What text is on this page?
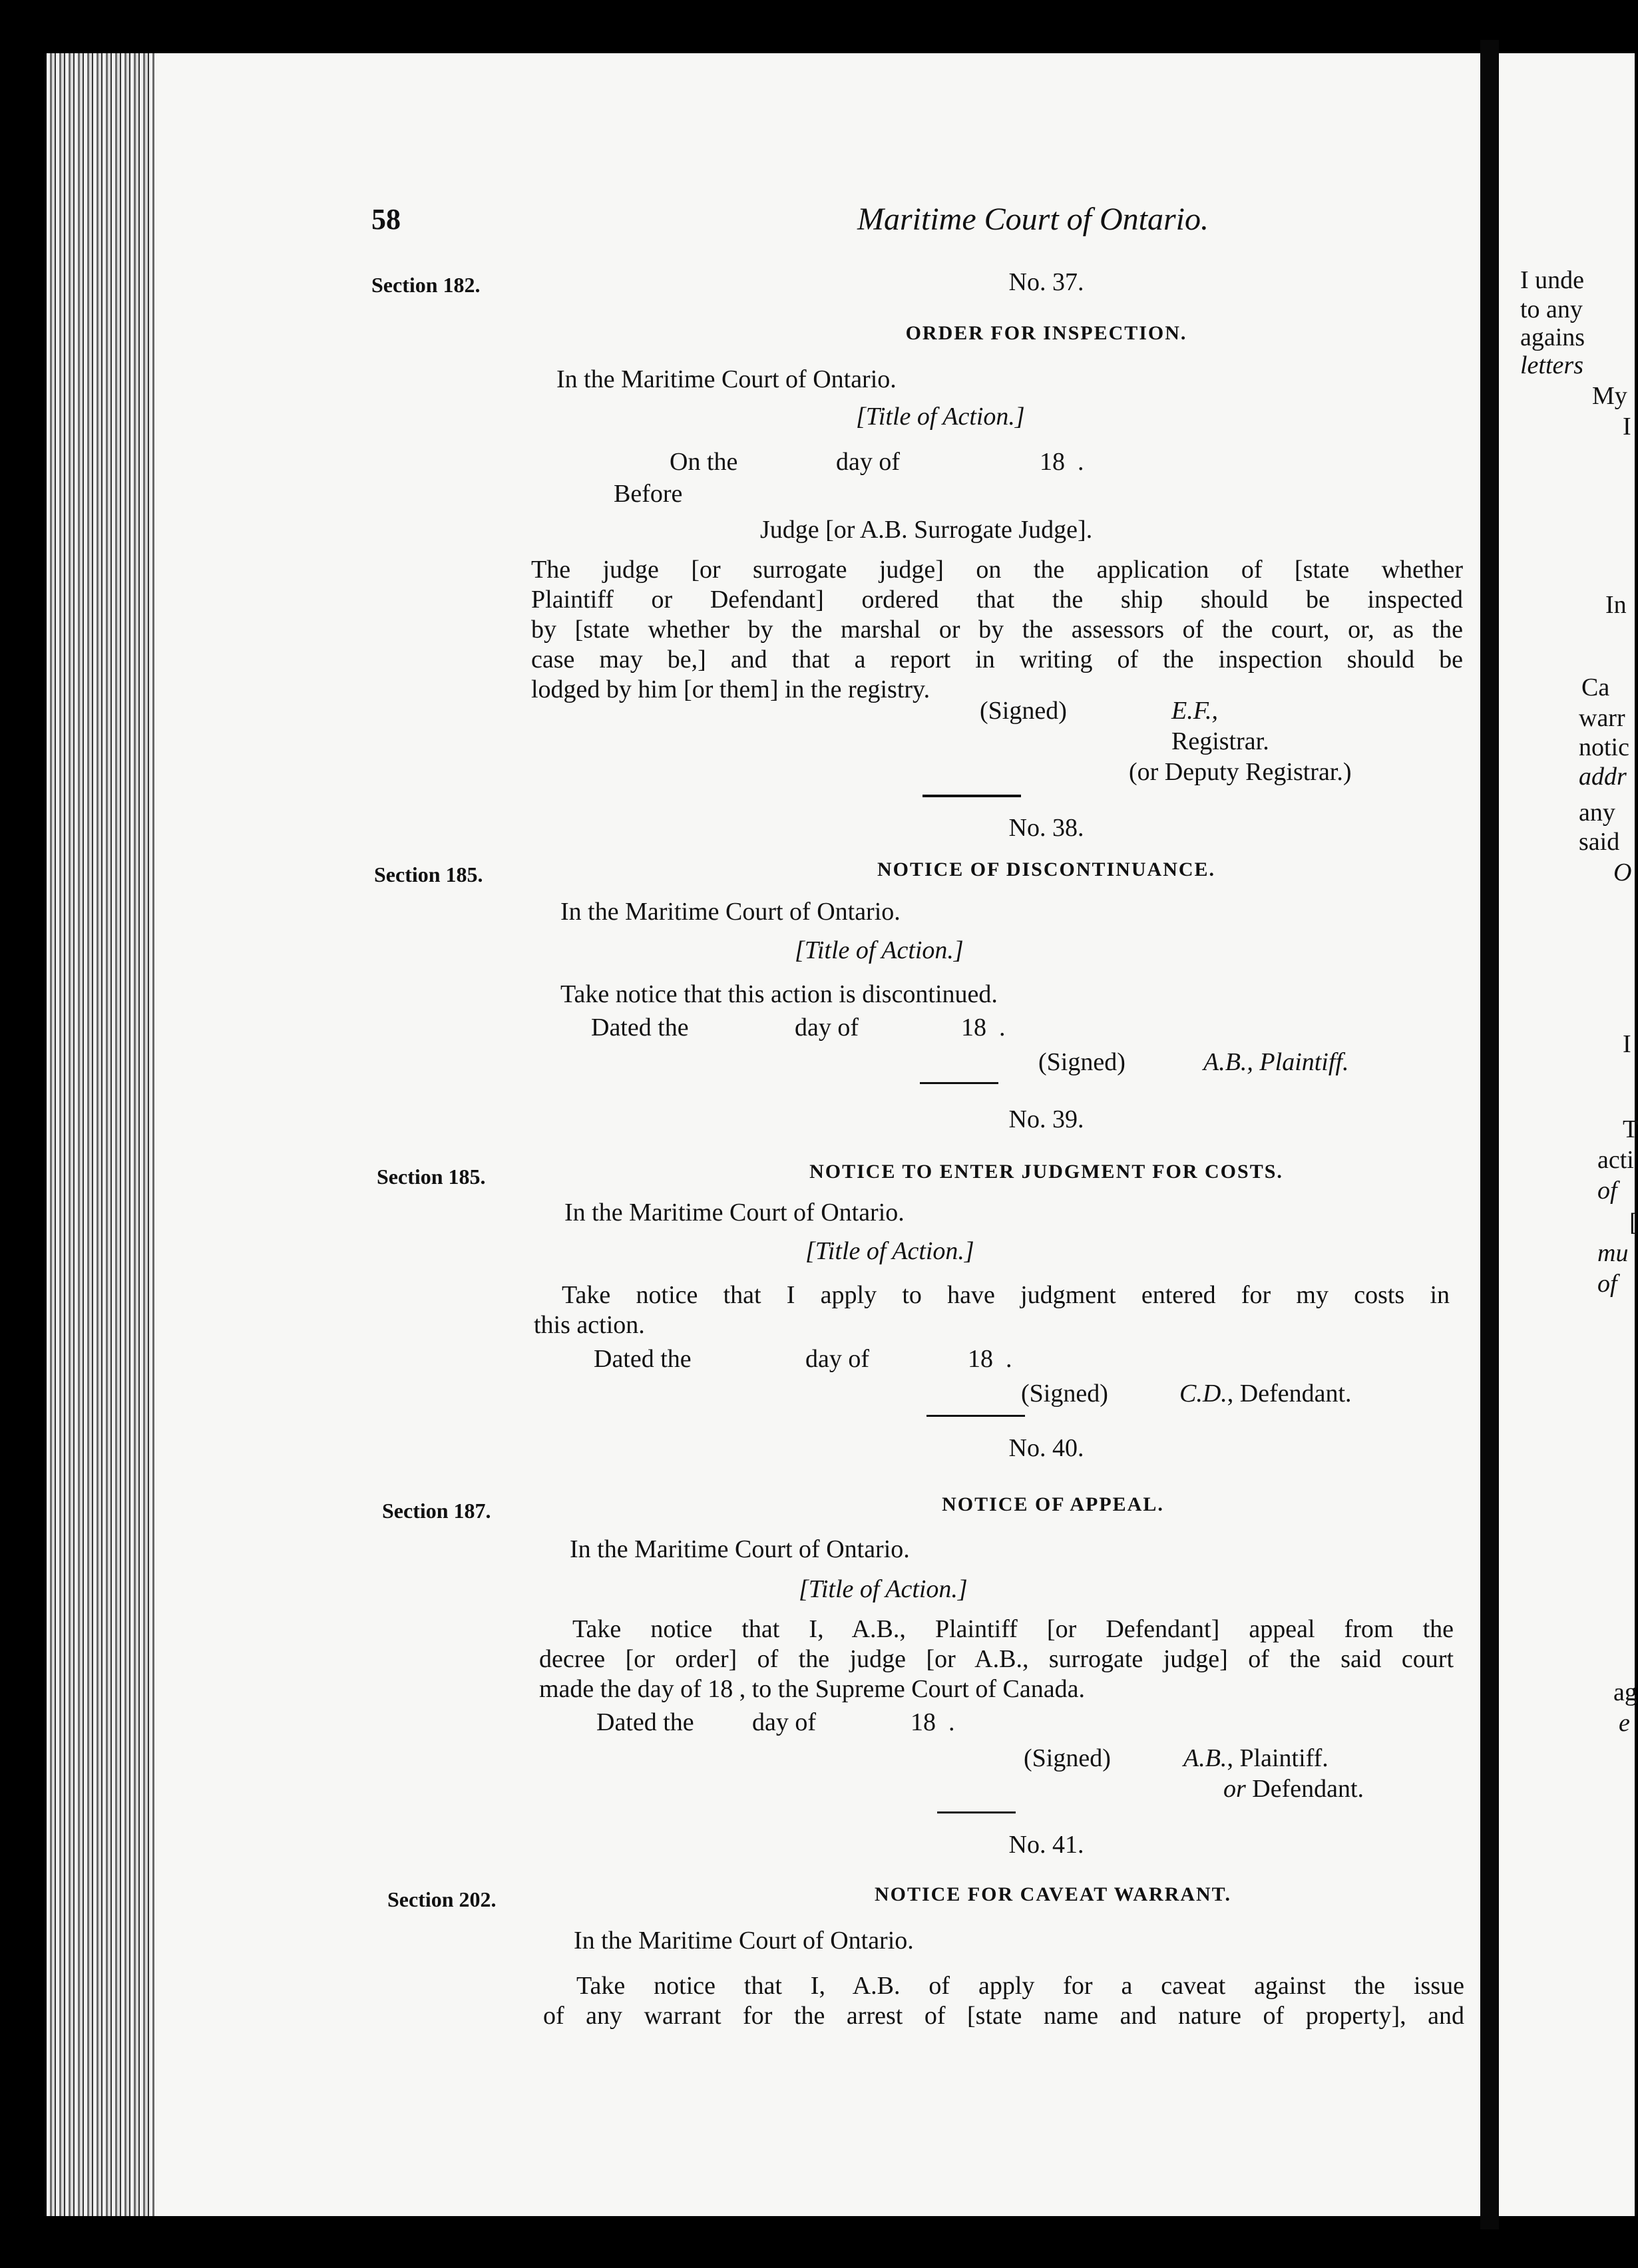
58	Maritime Court of Ontario.
Section 182.	No. 37.
ORDER FOR INSPECTION.
In the Maritime Court of Ontario.
[Title of Action.]
On the	day of	18  .
Before
Judge [or A.B. Surrogate Judge].
The judge [or surrogate judge] on the application of [state whether
Plaintiff or Defendant] ordered that the ship should be inspected
by [state whether by the marshal or by the assessors of the court, or, as the
case may be,] and that a report in writing of the inspection should be
lodged by him [or them] in the registry.
(Signed)	E.F.,
Registrar.
(or Deputy Registrar.)
No. 38.
Section 185.	NOTICE OF DISCONTINUANCE.
In the Maritime Court of Ontario.
[Title of Action.]
Take notice that this action is discontinued.
Dated the	day of	18  .
(Signed)	A.B., Plaintiff.
No. 39.
Section 185.	NOTICE TO ENTER JUDGMENT FOR COSTS.
In the Maritime Court of Ontario.
[Title of Action.]
Take notice that I apply to have judgment entered for my costs in
this action.
Dated the	day of	18  .
(Signed)	C.D., Defendant.
No. 40.
Section 187.	NOTICE OF APPEAL.
In the Maritime Court of Ontario.
[Title of Action.]
Take notice that I, A.B., Plaintiff [or Defendant] appeal from the
decree [or order] of the judge [or A.B., surrogate judge] of the said court
made the day of 18 , to the Supreme Court of Canada.
Dated the day of	18  .
(Signed)	A.B., Plaintiff.
or Defendant.
No. 41.
Section 202.	NOTICE FOR CAVEAT WARRANT.
In the Maritime Court of Ontario.
Take notice that I, A.B. of apply for a caveat against the issue
of any warrant for the arrest of [state name and nature of property], and
I unde
to any
agains
letters
My
I
In
Ca
warr
notic
addr
any
said
O
I
T
acti
of
[
mu
of
ag
e
